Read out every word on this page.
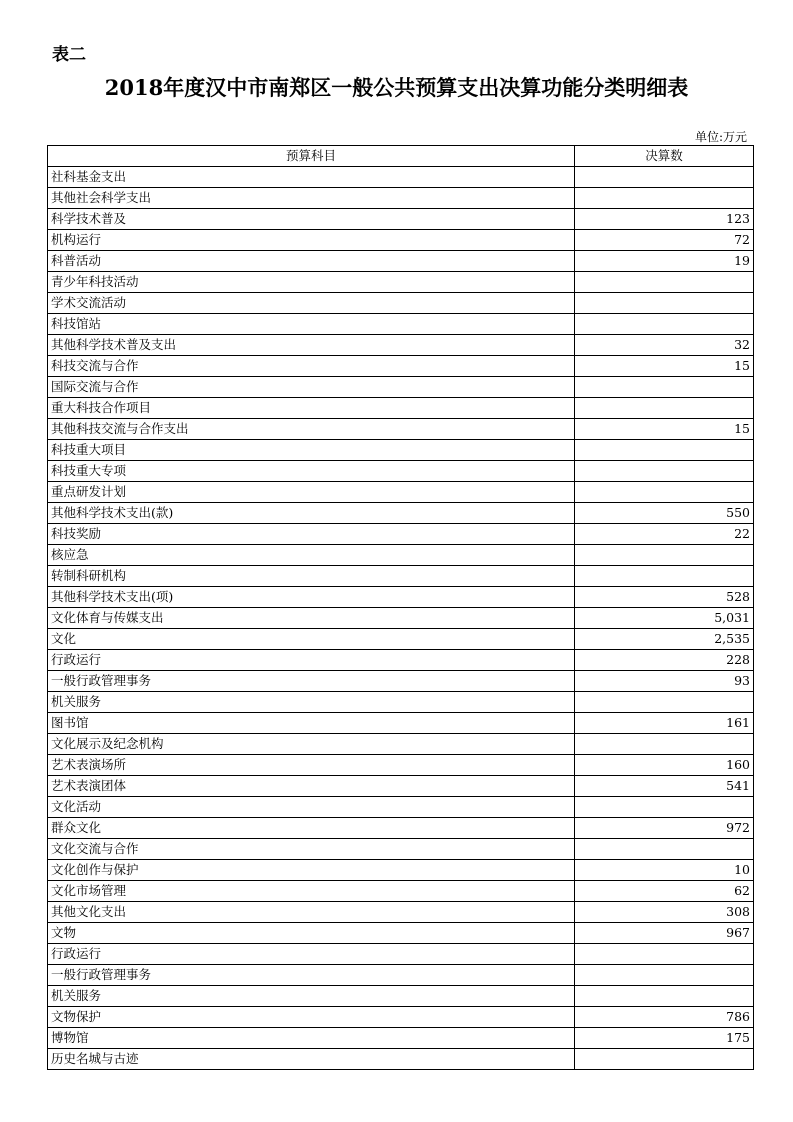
表二
2018年度汉中市南郑区一般公共预算支出决算功能分类明细表
单位:万元
预算科目	决算数
社科基金支出	
其他社会科学支出	
科学技术普及	123
机构运行	72
科普活动	19
青少年科技活动	
学术交流活动	
科技馆站	
其他科学技术普及支出	32
科技交流与合作	15
国际交流与合作	
重大科技合作项目	
其他科技交流与合作支出	15
科技重大项目	
科技重大专项	
重点研发计划	
其他科学技术支出(款)	550
科技奖励	22
核应急	
转制科研机构	
其他科学技术支出(项)	528
文化体育与传媒支出	5,031
文化	2,535
行政运行	228
一般行政管理事务	93
机关服务	
图书馆	161
文化展示及纪念机构	
艺术表演场所	160
艺术表演团体	541
文化活动	
群众文化	972
文化交流与合作	
文化创作与保护	10
文化市场管理	62
其他文化支出	308
文物	967
行政运行	
一般行政管理事务	
机关服务	
文物保护	786
博物馆	175
历史名城与古迹	
